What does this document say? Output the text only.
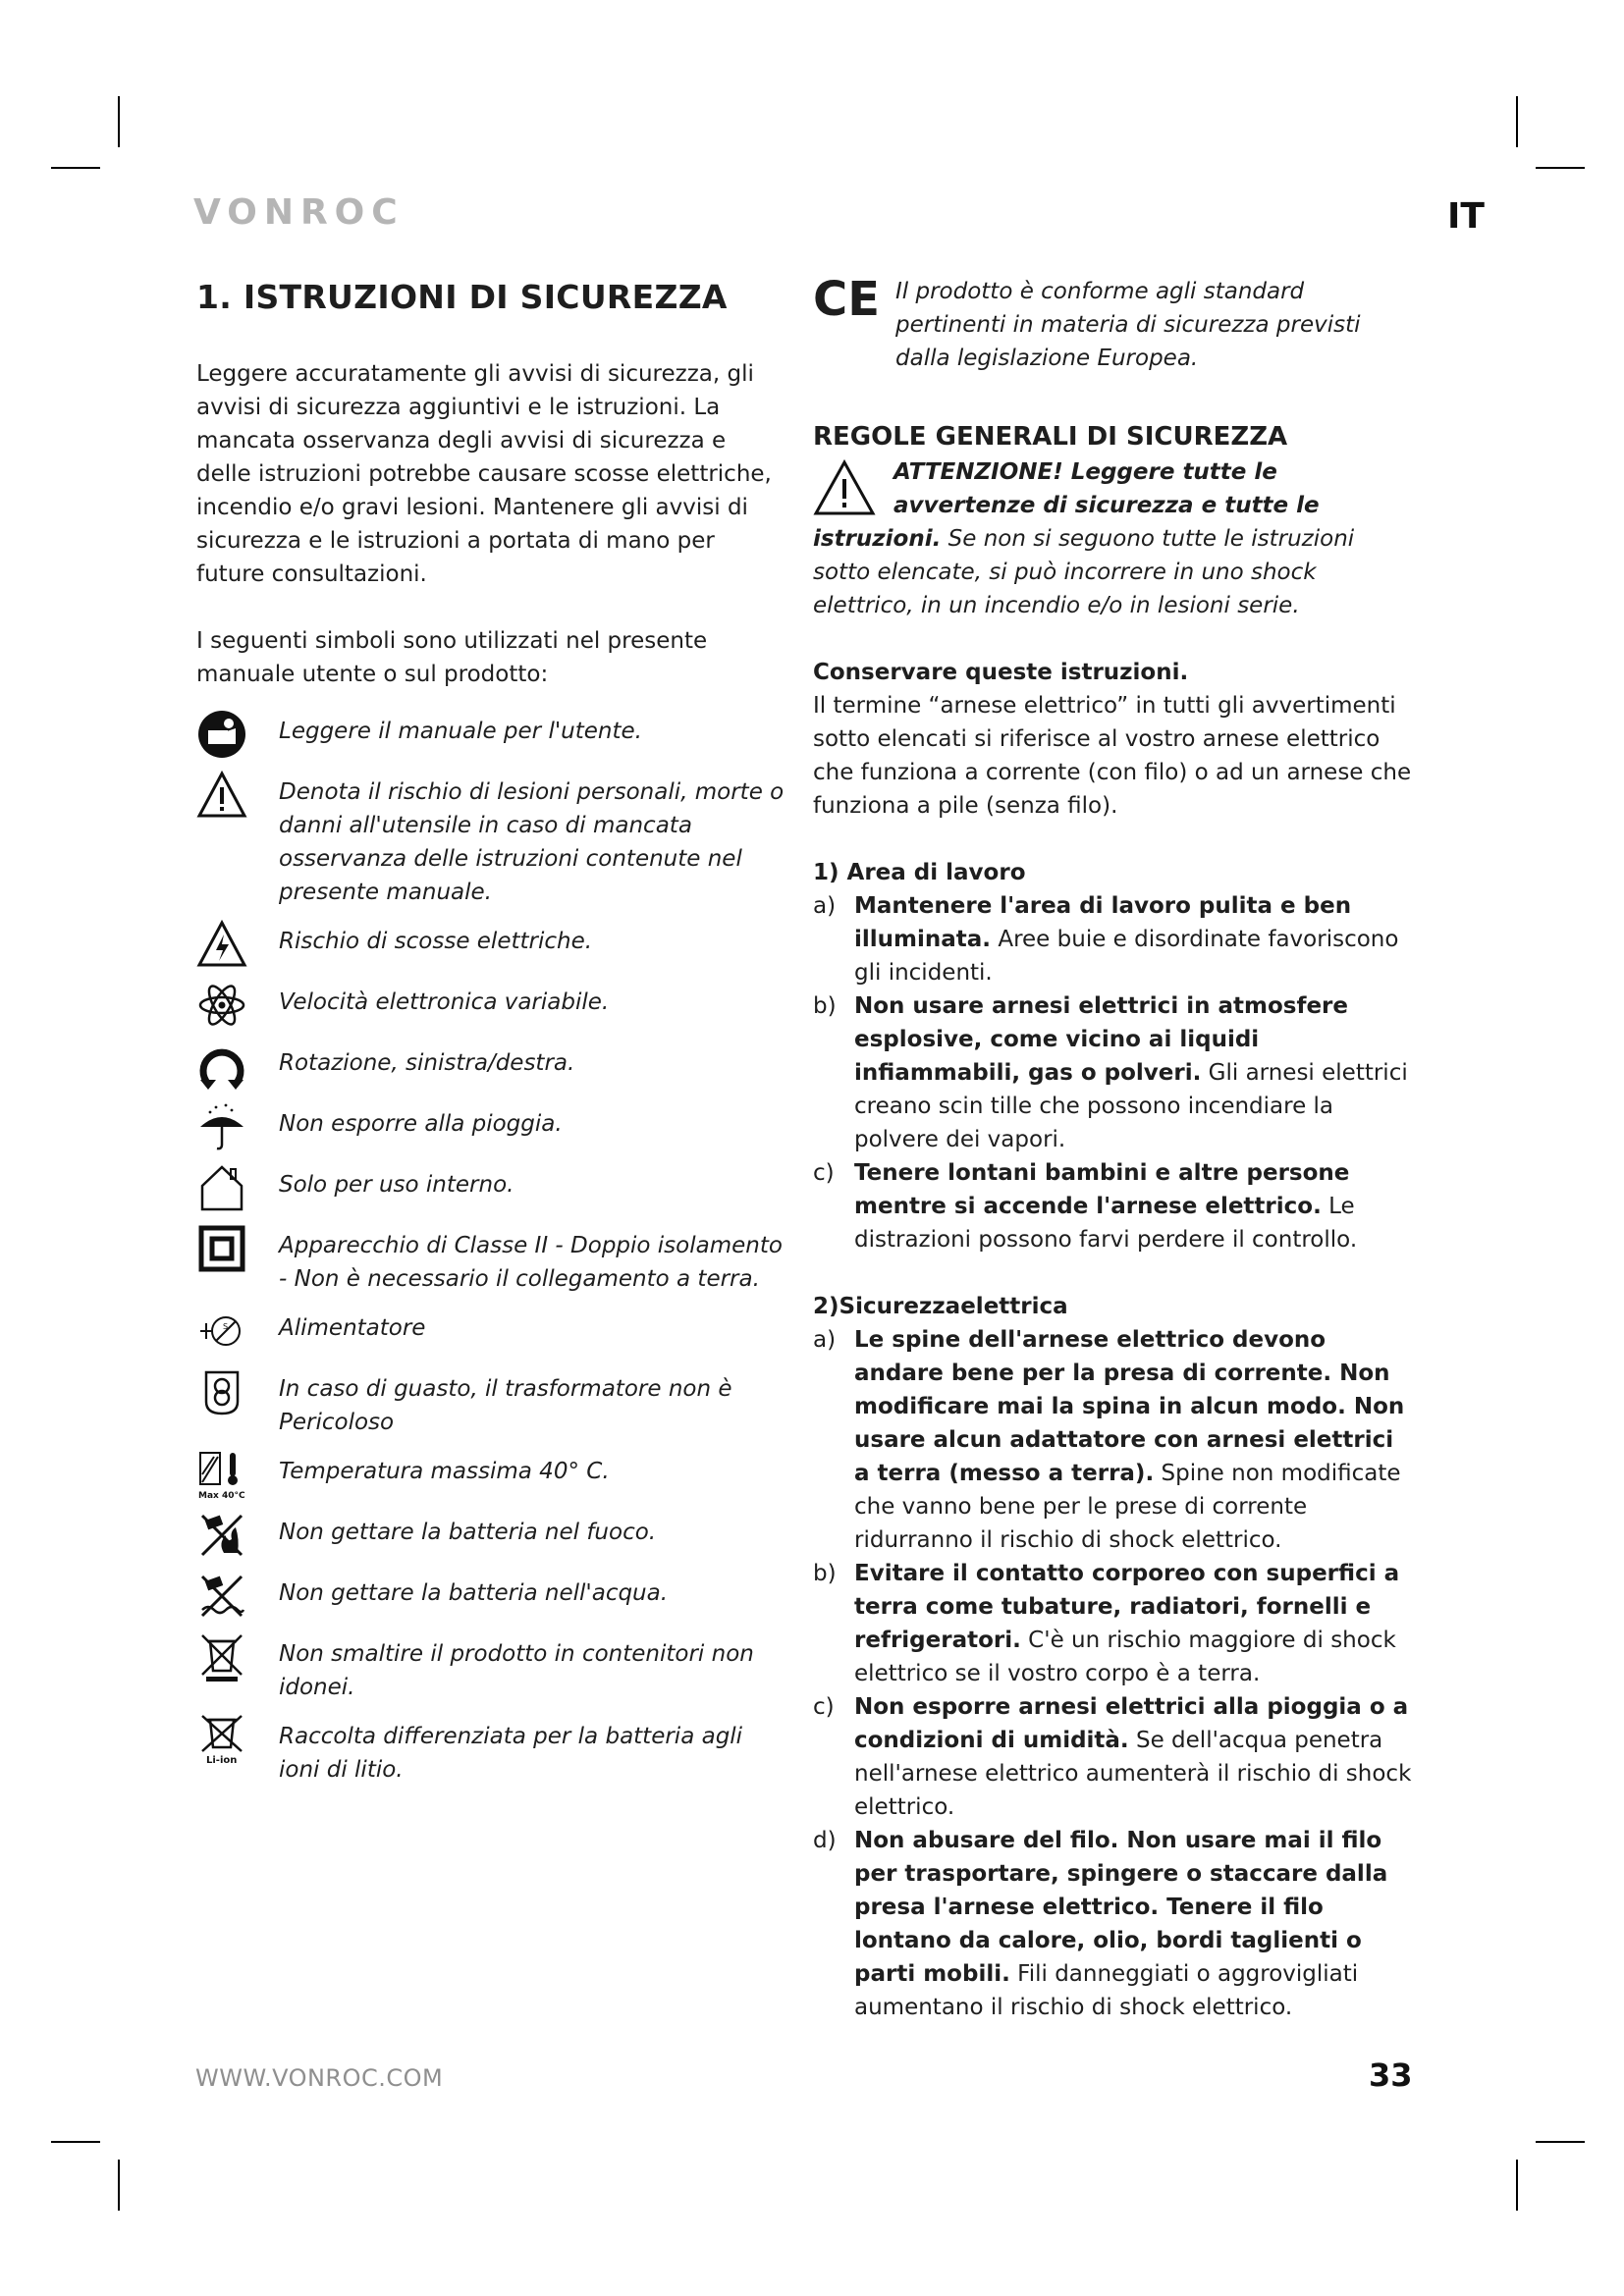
VONROC	IT
1. ISTRUZIONI DI SICUREZZA

Leggere accuratamente gli avvisi di sicurezza, gli avvisi di sicurezza aggiuntivi e le istruzioni. La mancata osservanza degli avvisi di sicurezza e delle istruzioni potrebbe causare scosse elettriche, incendio e/o gravi lesioni. Mantenere gli avvisi di sicurezza e le istruzioni a portata di mano per future consultazioni.

I seguenti simboli sono utilizzati nel presente manuale utente o sul prodotto:

Leggere il manuale per l'utente.
Denota il rischio di lesioni personali, morte o danni all'utensile in caso di mancata osservanza delle istruzioni contenute nel presente manuale.
Rischio di scosse elettriche.
Velocità elettronica variabile.
Rotazione, sinistra/destra.
Non esporre alla pioggia.
Solo per uso interno.
Apparecchio di Classe II - Doppio isolamento - Non è necessario il collegamento a terra.
S Alimentatore
In caso di guasto, il trasformatore non è Pericoloso
Max 40°C
Temperatura massima 40° C.
Non gettare la batteria nel fuoco.
Non gettare la batteria nell'acqua.
Non smaltire il prodotto in contenitori non idonei.
Li-ion
Raccolta differenziata per la batteria agli ioni di litio.
CE Il prodotto è conforme agli standard pertinenti in materia di sicurezza previsti dalla legislazione Europea.
REGOLE GENERALI DI SICUREZZA
ATTENZIONE! Leggere tutte le avvertenze di sicurezza e tutte le istruzioni. Se non si seguono tutte le istruzioni sotto elencate, si può incorrere in uno shock elettrico, in un incendio e/o in lesioni serie.

Conservare queste istruzioni.

Il termine “arnese elettrico” in tutti gli avvertimenti sotto elencati si riferisce al vostro arnese elettrico che funziona a corrente (con filo) o ad un arnese che funziona a pile (senza filo).

1) Area di lavoro

a) Mantenere l'area di lavoro pulita e ben illuminata. Aree buie e disordinate favoriscono gli incidenti.
b) Non usare arnesi elettrici in atmosfere esplosive, come vicino ai liquidi infiammabili, gas o polveri. Gli arnesi elettrici creano scin tille che possono incendiare la polvere dei vapori.
c) Tenere lontani bambini e altre persone mentre si accende l'arnese elettrico. Le distrazioni possono farvi perdere il controllo.

2)Sicurezzaelettrica

a) Le spine dell'arnese elettrico devono andare bene per la presa di corrente. Non modificare mai la spina in alcun modo. Non usare alcun adattatore con arnesi elettrici a terra (messo a terra). Spine non modificate che vanno bene per le prese di corrente ridurranno il rischio di shock elettrico.
b) Evitare il contatto corporeo con superfici a terra come tubature, radiatori, fornelli e refrigeratori. C'è un rischio maggiore di shock elettrico se il vostro corpo è a terra.
c) Non esporre arnesi elettrici alla pioggia o a condizioni di umidità. Se dell'acqua penetra nell'arnese elettrico aumenterà il rischio di shock elettrico.
d) Non abusare del filo. Non usare mai il filo per trasportare, spingere o staccare dalla presa l'arnese elettrico. Tenere il filo lontano da calore, olio, bordi taglienti o parti mobili. Fili danneggiati o aggrovigliati aumentano il rischio di shock elettrico.
WWW.VONROC.COM	33
